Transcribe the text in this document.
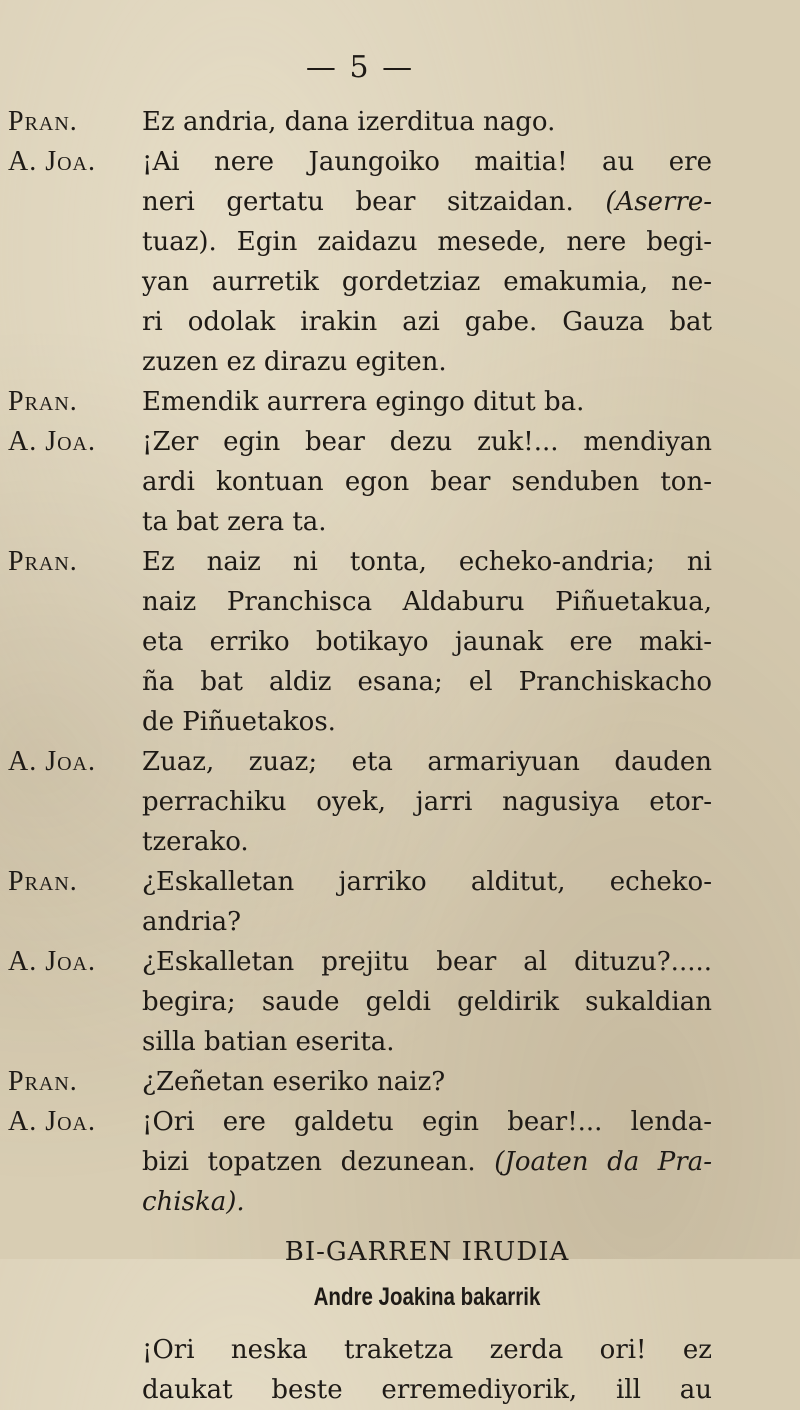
— 5 —
Pran.	Ez andria, dana izerditua nago.
A. Joa.	¡Ai nere Jaungoiko maitia! au ere
neri gertatu bear sitzaidan. (Aserre-
tuaz). Egin zaidazu mesede, nere begi-
yan aurretik gordetziaz emakumia, ne-
ri odolak irakin azi gabe. Gauza bat
zuzen ez dirazu egiten.
Pran.	Emendik aurrera egingo ditut ba.
A. Joa.	¡Zer egin bear dezu zuk!... mendiyan
ardi kontuan egon bear senduben ton-
ta bat zera ta.
Pran.	Ez naiz ni tonta, echeko-andria; ni
naiz Pranchisca Aldaburu Piñuetakua,
eta erriko botikayo jaunak ere maki-
ña bat aldiz esana; el Pranchiskacho
de Piñuetakos.
A. Joa.	Zuaz, zuaz; eta armariyuan dauden
perrachiku oyek, jarri nagusiya etor-
tzerako.
Pran.	¿Eskalletan jarriko alditut, echeko-
andria?
A. Joa.	¿Eskalletan prejitu bear al dituzu?.....
begira; saude geldi geldirik sukaldian
silla batian eserita.
Pran.	¿Zeñetan eseriko naiz?
A. Joa.	¡Ori ere galdetu egin bear!... lenda-
bizi topatzen dezunean. (Joaten da Pra-
chiska).
BI-GARREN IRUDIA
Andre Joakina bakarrik
¡Ori neska traketza zerda ori! ez
daukat beste erremediyorik, ill au
